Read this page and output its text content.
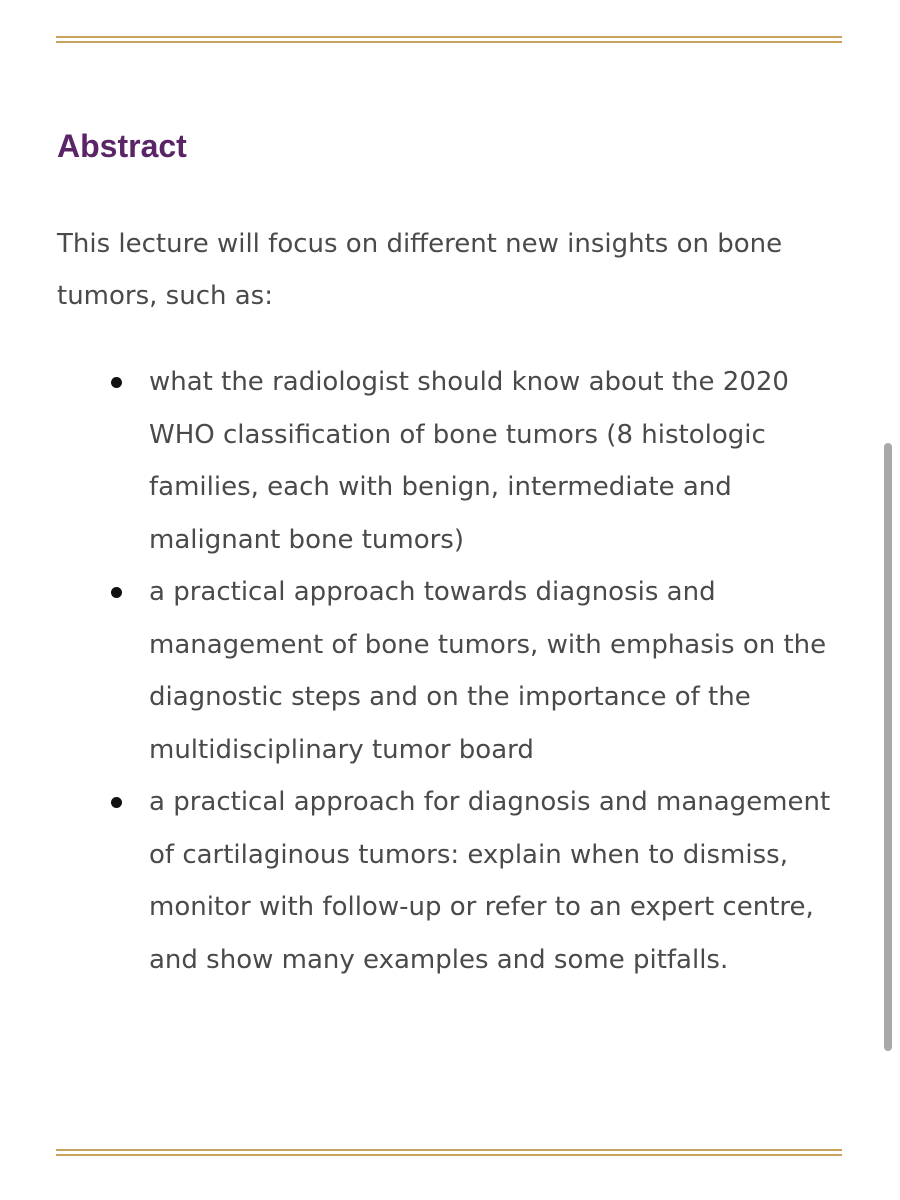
Abstract

This lecture will focus on different new insights on bone tumors, such as:

what the radiologist should know about the 2020 WHO classification of bone tumors (8 histologic families, each with benign, intermediate and malignant bone tumors)
a practical approach towards diagnosis and management of bone tumors, with emphasis on the diagnostic steps and on the importance of the multidisciplinary tumor board
a practical approach for diagnosis and management of cartilaginous tumors: explain when to dismiss, monitor with follow-up or refer to an expert centre, and show many examples and some pitfalls.
